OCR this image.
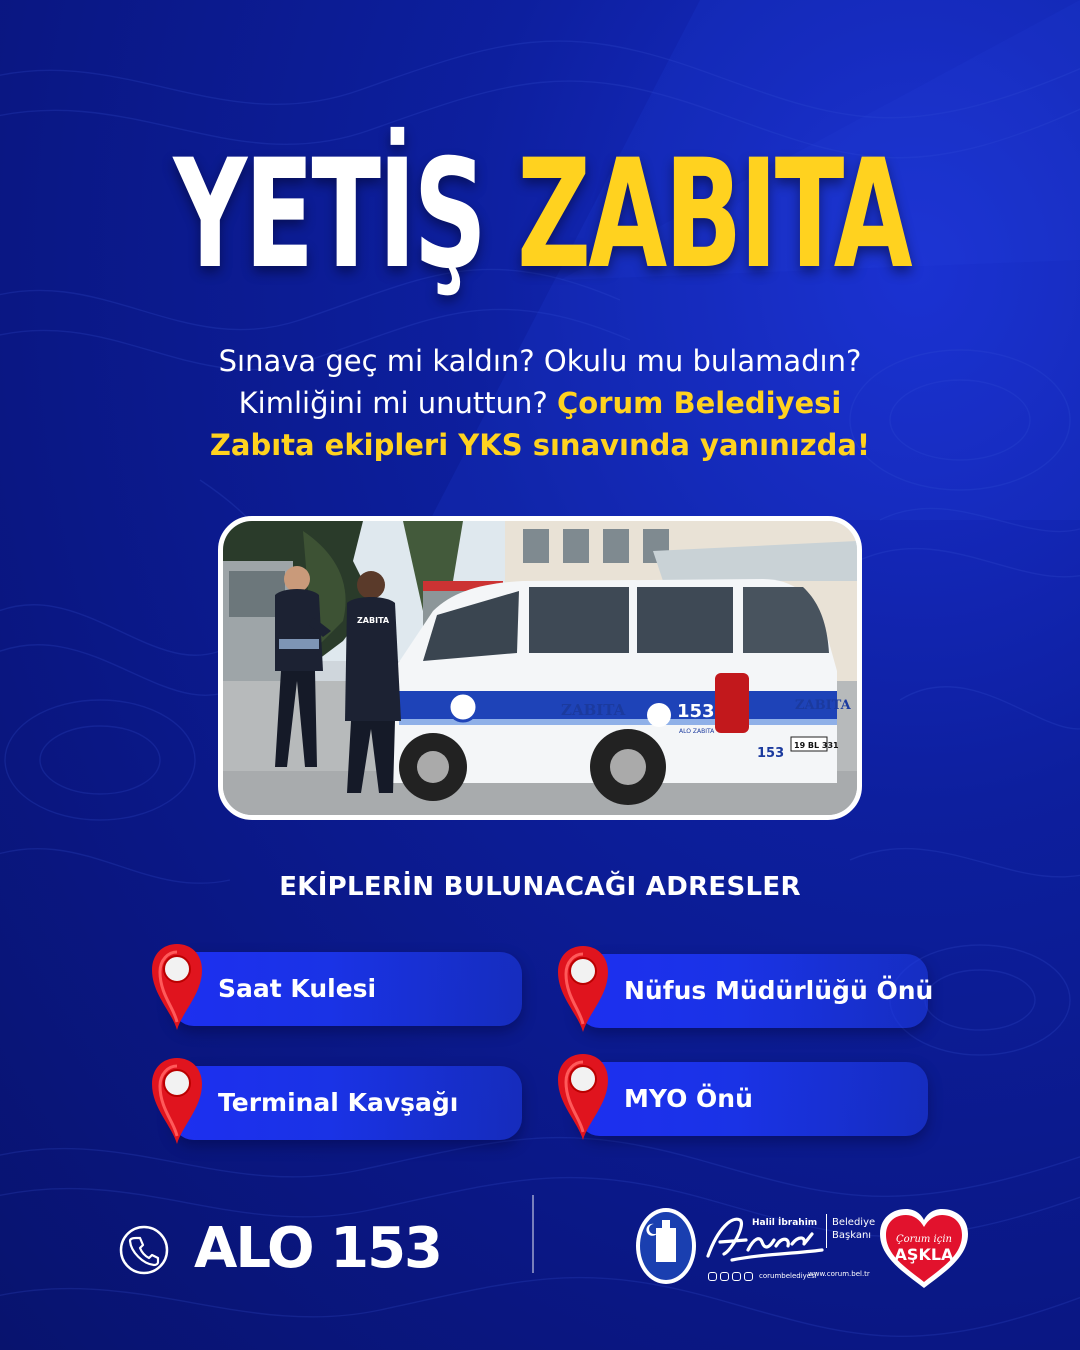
YETİŞ ZABITA
Sınava geç mi kaldın? Okulu mu bulamadın?
Kimliğini mi unuttun? Çorum Belediyesi
Zabıta ekipleri YKS sınavında yanınızda!
ZABITA	153
ALO ZABITA
ZABITA
153
19 BL 331
ZABITA
EKİPLERİN BULUNACAĞI ADRESLER
Saat Kulesi	Nüfus Müdürlüğü Önü
Terminal Kavşağı	MYO Önü
ALO 153	Halil İbrahim Belediye
Başkanı
corumbelediyesi
www.corum.bel.tr
Çorum için
AŞKLA
